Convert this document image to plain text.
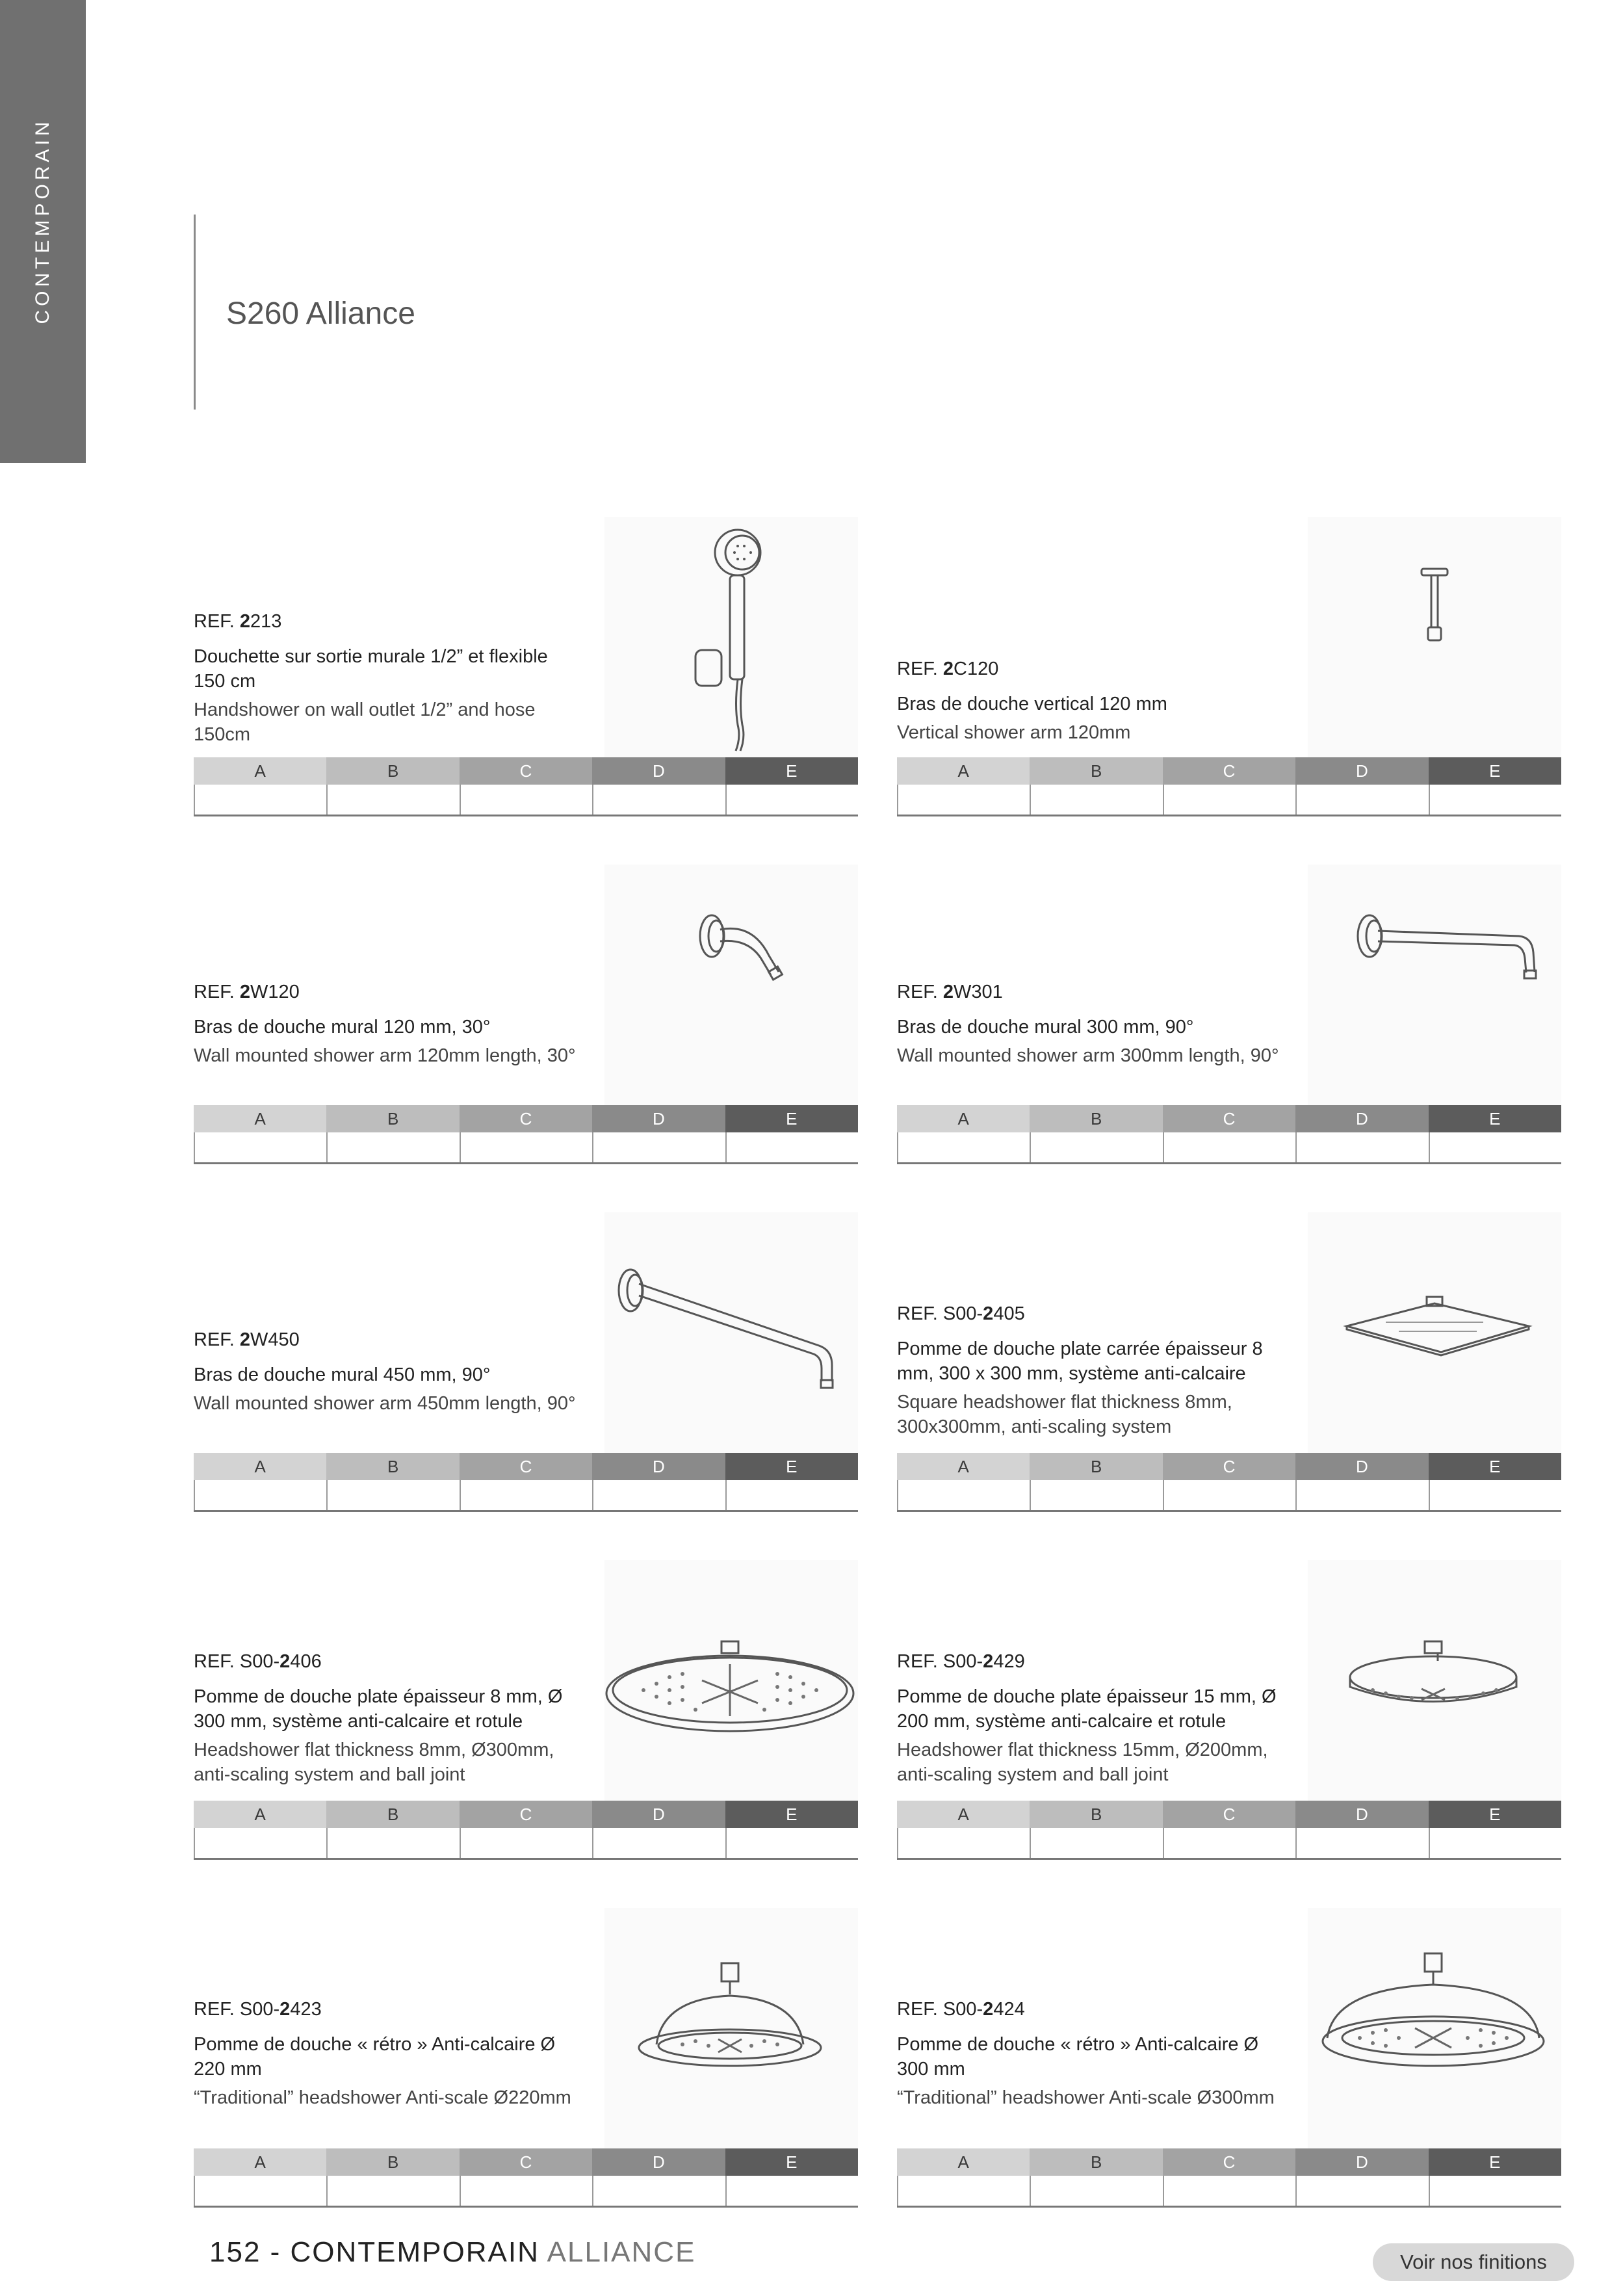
CONTEMPORAIN	S260 Alliance
REF. 2213
Douchette sur sortie murale 1/2” et flexible 150 cm
Handshower on wall outlet 1/2” and hose 150cm
A	B	C	D	E
REF. 2C120
Bras de douche vertical 120 mm
Vertical shower arm 120mm
A	B	C	D	E
REF. 2W120
Bras de douche mural 120 mm, 30°
Wall mounted shower arm 120mm length, 30°
A	B	C	D	E
REF. 2W301
Bras de douche mural 300 mm, 90°
Wall mounted shower arm 300mm length, 90°
A	B	C	D	E
REF. 2W450
Bras de douche mural 450 mm, 90°
Wall mounted shower arm 450mm length, 90°
A	B	C	D	E
REF. S00-2405
Pomme de douche plate carrée épaisseur 8 mm, 300 x 300 mm, système anti-calcaire
Square headshower flat thickness 8mm, 300x300mm, anti-scaling system
A	B	C	D	E
REF. S00-2406
Pomme de douche plate épaisseur 8 mm, Ø 300 mm, système anti-calcaire et rotule
Headshower flat thickness 8mm, Ø300mm, anti-scaling system and ball joint
A	B	C	D	E
REF. S00-2429
Pomme de douche plate épaisseur 15 mm, Ø 200 mm, système anti-calcaire et rotule
Headshower flat thickness 15mm, Ø200mm, anti-scaling system and ball joint
A	B	C	D	E
REF. S00-2423
Pomme de douche « rétro » Anti-calcaire Ø 220 mm
“Traditional” headshower Anti-scale Ø220mm
A	B	C	D	E
REF. S00-2424
Pomme de douche « rétro » Anti-calcaire Ø 300 mm
“Traditional” headshower Anti-scale Ø300mm
A	B	C	D	E
152 - CONTEMPORAIN ALLIANCE	Voir nos finitions
